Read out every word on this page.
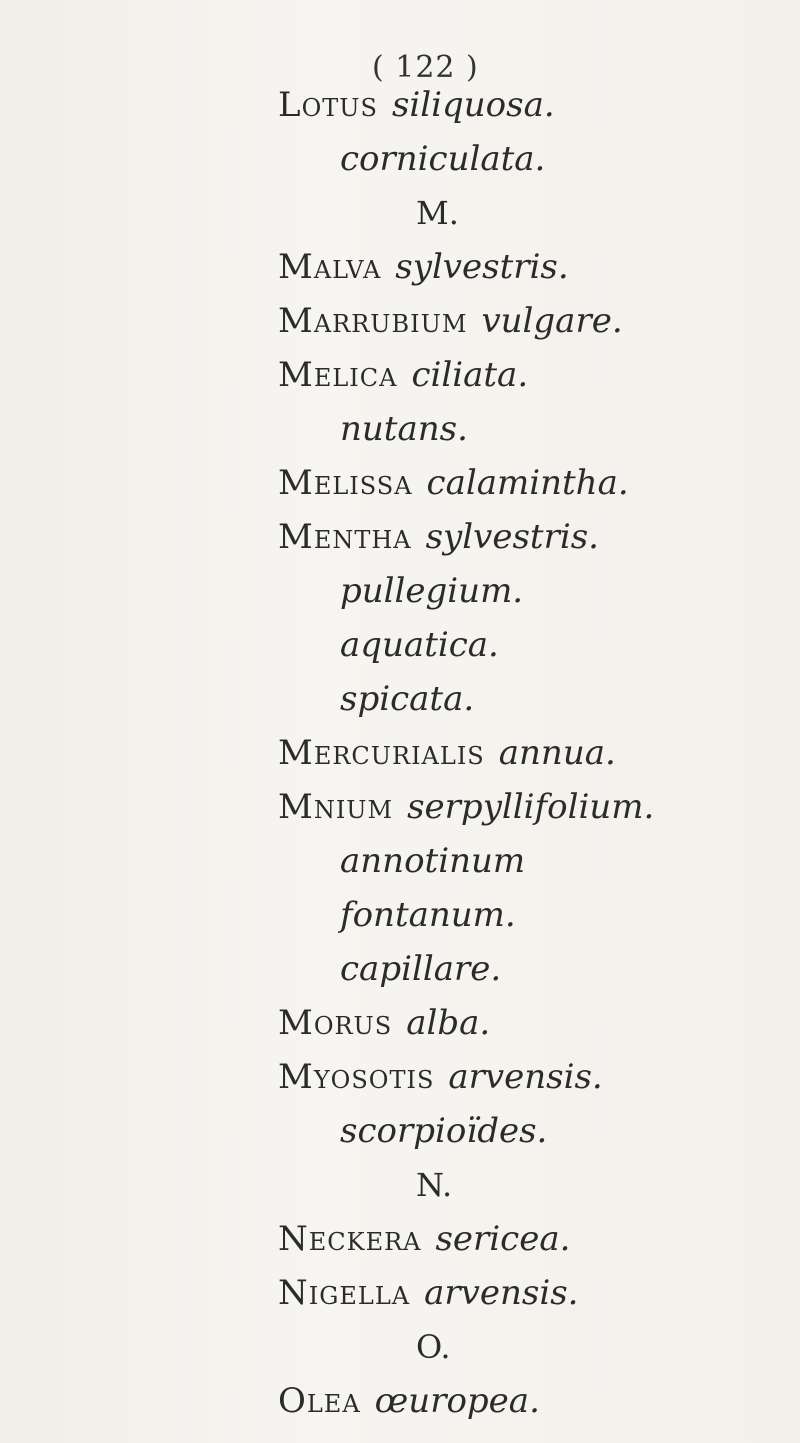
( 122 )
Lotus siliquosa.
corniculata.
M.
Malva sylvestris.
Marrubium vulgare.
Melica ciliata.
nutans.
Melissa calamintha.
Mentha sylvestris.
pullegium.
aquatica.
spicata.
Mercurialis annua.
Mnium serpyllifolium.
annotinum
fontanum.
capillare.
Morus alba.
Myosotis arvensis.
scorpioïdes.
N.
Neckera sericea.
Nigella arvensis.
O.
Olea œuropea.
